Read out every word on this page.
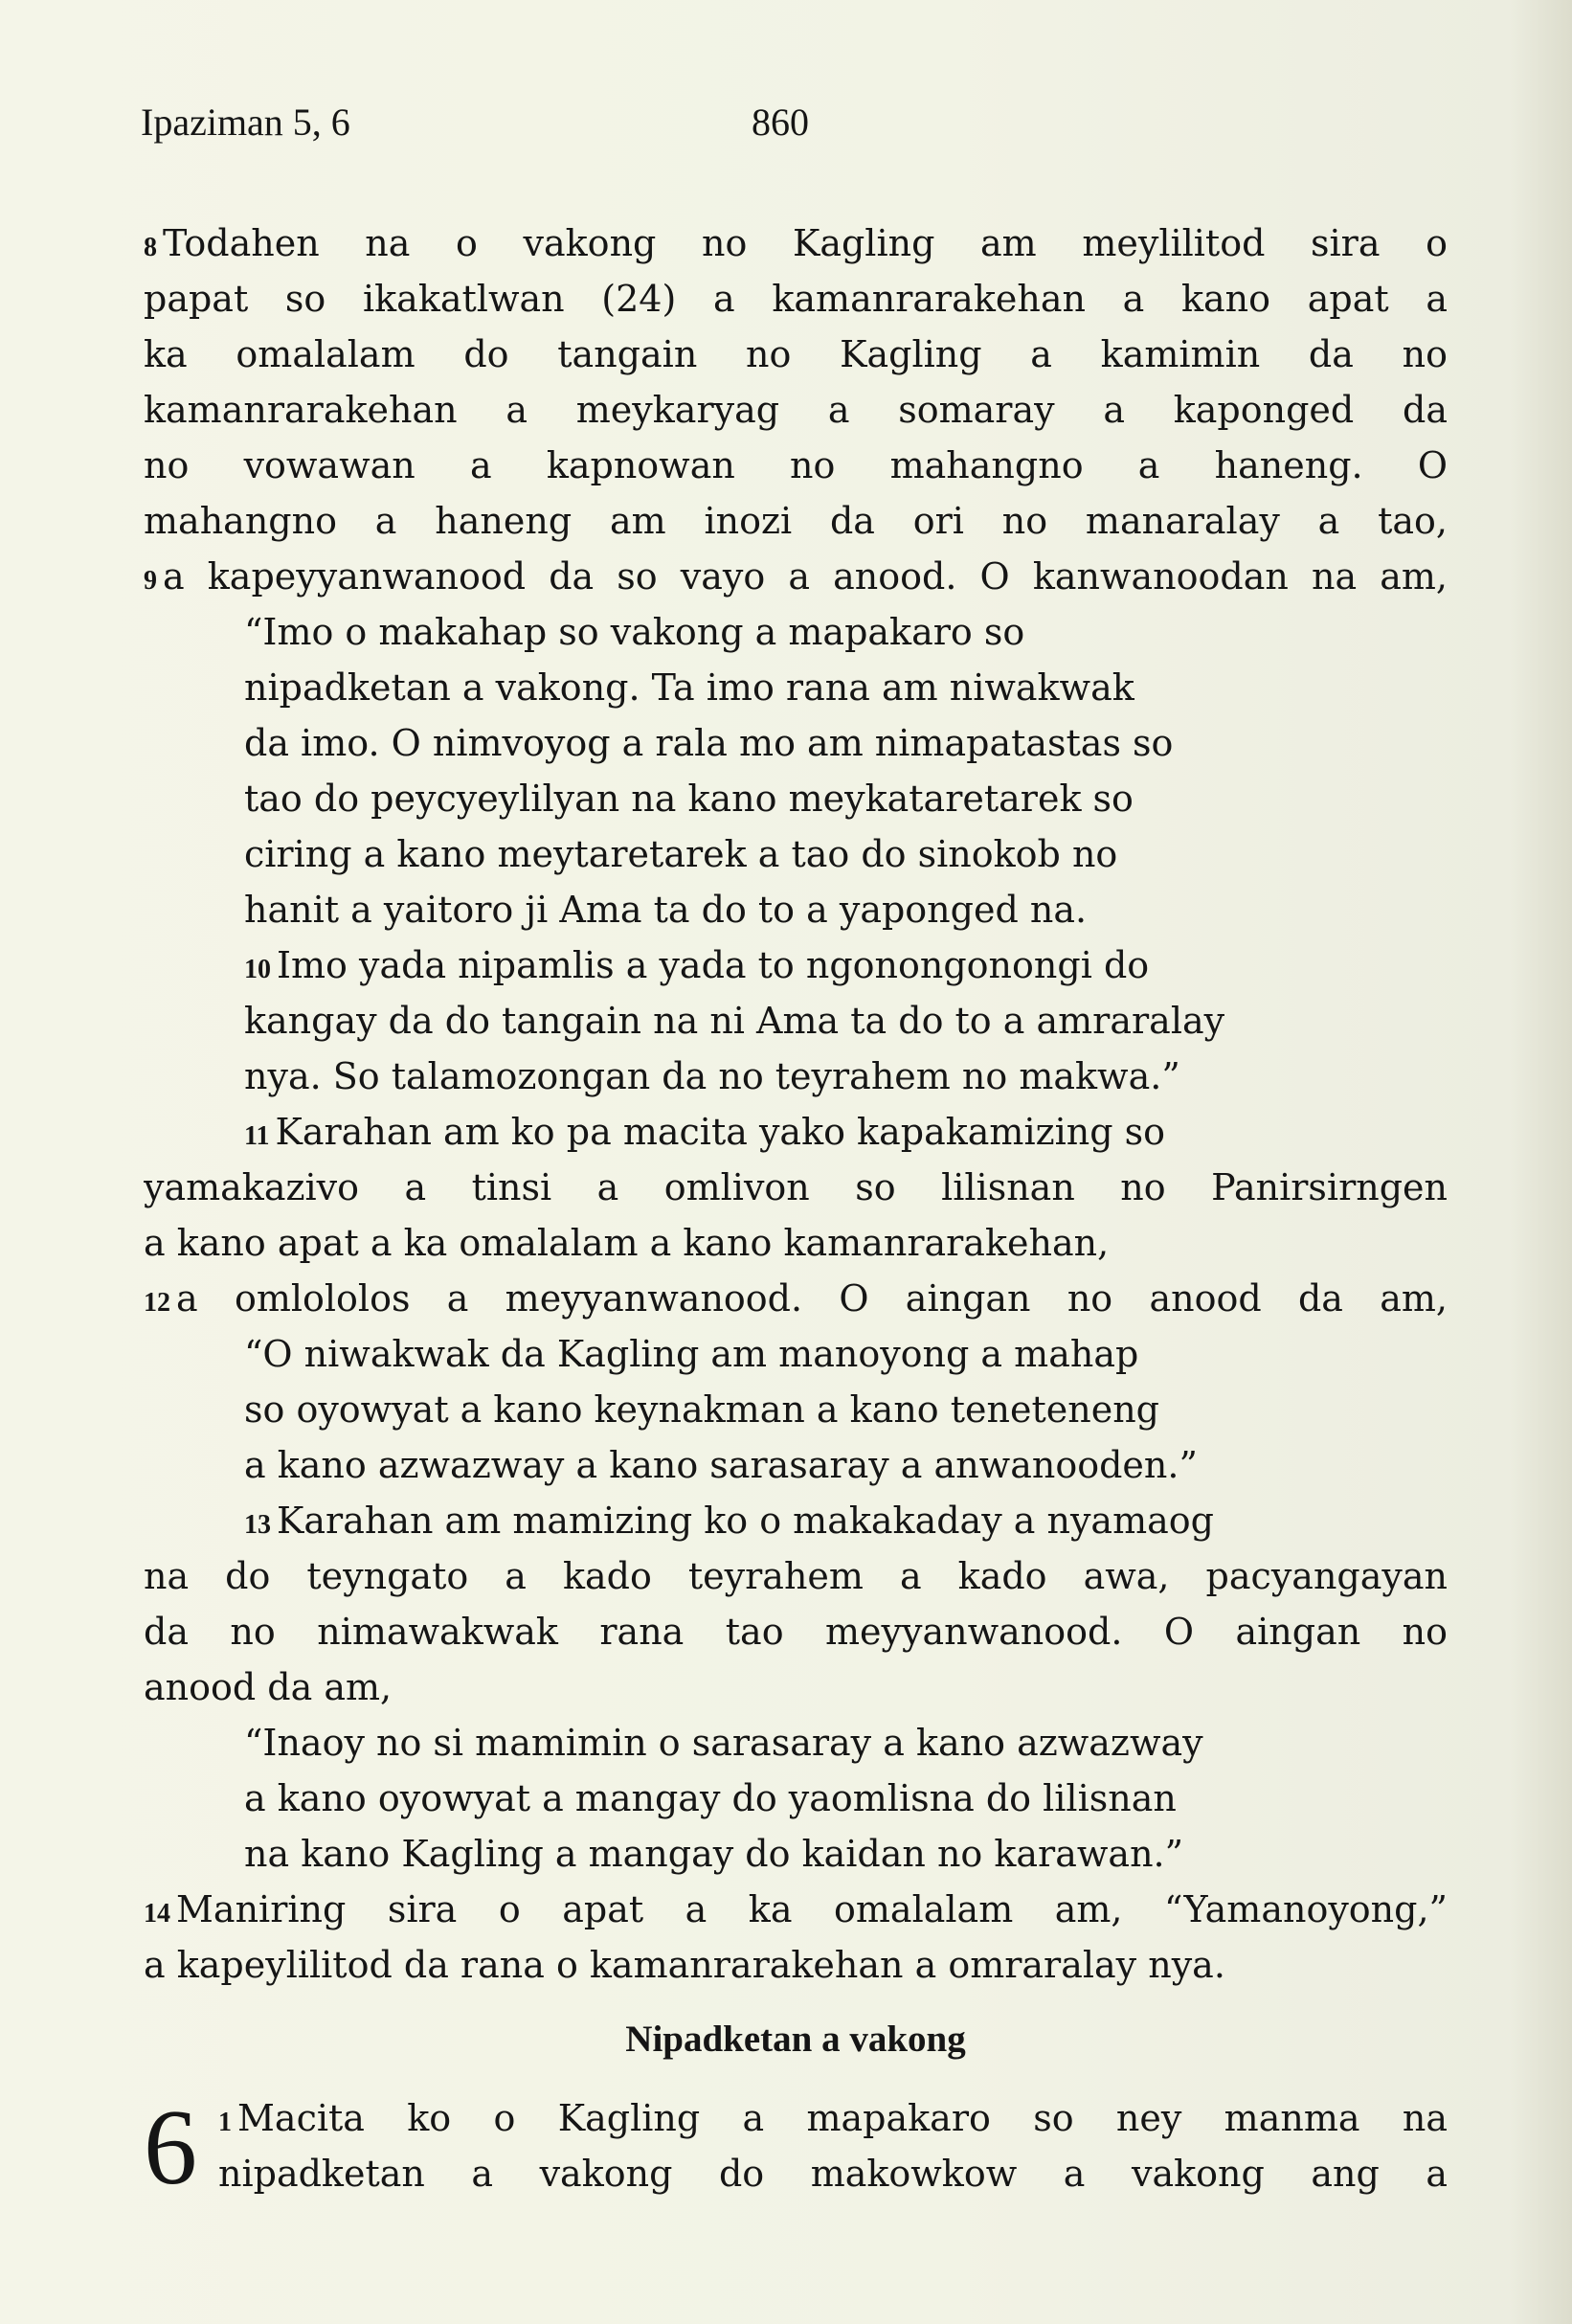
Ipaziman 5, 6	860
8 Todahen na o vakong no Kagling am meylilitod sira o
papat so ikakatlwan (24) a kamanrarakehan a kano apat a
ka omalalam do tangain no Kagling a kamimin da no
kamanrarakehan a meykaryag a somaray a kaponged da
no vowawan a kapnowan no mahangno a haneng. O
mahangno a haneng am inozi da ori no manaralay a tao,
9 a kapeyyanwanood da so vayo a anood. O kanwanoodan na am,
“Imo o makahap so vakong a mapakaro so
nipadketan a vakong. Ta imo rana am niwakwak
da imo. O nimvoyog a rala mo am nimapatastas so
tao do peycyeylilyan na kano meykataretarek so
ciring a kano meytaretarek a tao do sinokob no
hanit a yaitoro ji Ama ta do to a yaponged na.
10 Imo yada nipamlis a yada to ngonongonongi do
kangay da do tangain na ni Ama ta do to a amraralay
nya. So talamozongan da no teyrahem no makwa.”
11 Karahan am ko pa macita yako kapakamizing so
yamakazivo a tinsi a omlivon so lilisnan no Panirsirngen
a kano apat a ka omalalam a kano kamanrarakehan,
12 a omlololos a meyyanwanood. O aingan no anood da am,
“O niwakwak da Kagling am manoyong a mahap
so oyowyat a kano keynakman a kano teneteneng
a kano azwazway a kano sarasaray a anwanooden.”
13 Karahan am mamizing ko o makakaday a nyamaog
na do teyngato a kado teyrahem a kado awa, pacyangayan
da no nimawakwak rana tao meyyanwanood. O aingan no
anood da am,
“Inaoy no si mamimin o sarasaray a kano azwazway
a kano oyowyat a mangay do yaomlisna do lilisnan
na kano Kagling a mangay do kaidan no karawan.”
14 Maniring sira o apat a ka omalalam am, “Yamanoyong,”
a kapeylilitod da rana o kamanrarakehan a omraralay nya.
Nipadketan a vakong
6 1 Macita ko o Kagling a mapakaro so ney manma na
nipadketan a vakong do makowkow a vakong ang a
